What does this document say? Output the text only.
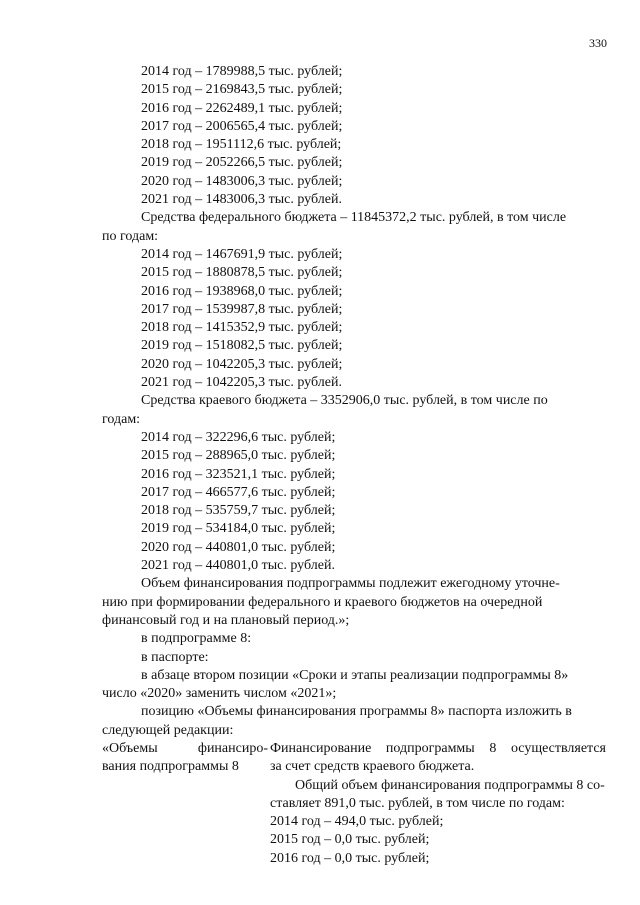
330
2014 год – 1789988,5 тыс. рублей;
2015 год – 2169843,5 тыс. рублей;
2016 год – 2262489,1 тыс. рублей;
2017 год – 2006565,4 тыс. рублей;
2018 год – 1951112,6 тыс. рублей;
2019 год – 2052266,5 тыс. рублей;
2020 год – 1483006,3 тыс. рублей;
2021 год – 1483006,3 тыс. рублей.
Средства федерального бюджета – 11845372,2 тыс. рублей, в том числе
по годам:
2014 год – 1467691,9 тыс. рублей;
2015 год – 1880878,5 тыс. рублей;
2016 год – 1938968,0 тыс. рублей;
2017 год – 1539987,8 тыс. рублей;
2018 год – 1415352,9 тыс. рублей;
2019 год – 1518082,5 тыс. рублей;
2020 год – 1042205,3 тыс. рублей;
2021 год – 1042205,3 тыс. рублей.
Средства краевого бюджета – 3352906,0 тыс. рублей, в том числе по
годам:
2014 год – 322296,6 тыс. рублей;
2015 год – 288965,0 тыс. рублей;
2016 год – 323521,1 тыс. рублей;
2017 год – 466577,6 тыс. рублей;
2018 год – 535759,7 тыс. рублей;
2019 год – 534184,0 тыс. рублей;
2020 год – 440801,0 тыс. рублей;
2021 год – 440801,0 тыс. рублей.
Объем финансирования подпрограммы подлежит ежегодному уточне-
нию при формировании федерального и краевого бюджетов на очередной
финансовый год и на плановый период.»;
в подпрограмме 8:
в паспорте:
в абзаце втором позиции «Сроки и этапы реализации подпрограммы 8»
число «2020» заменить числом «2021»;
позицию «Объемы финансирования программы 8» паспорта изложить в
следующей редакции:
«Объемы финансиро- Финансирование подпрограммы 8 осуществляется
вания подпрограммы 8	за счет средств краевого бюджета.
Общий объем финансирования подпрограммы 8 со-
ставляет 891,0 тыс. рублей, в том числе по годам:
2014 год – 494,0 тыс. рублей;
2015 год – 0,0 тыс. рублей;
2016 год – 0,0 тыс. рублей;
